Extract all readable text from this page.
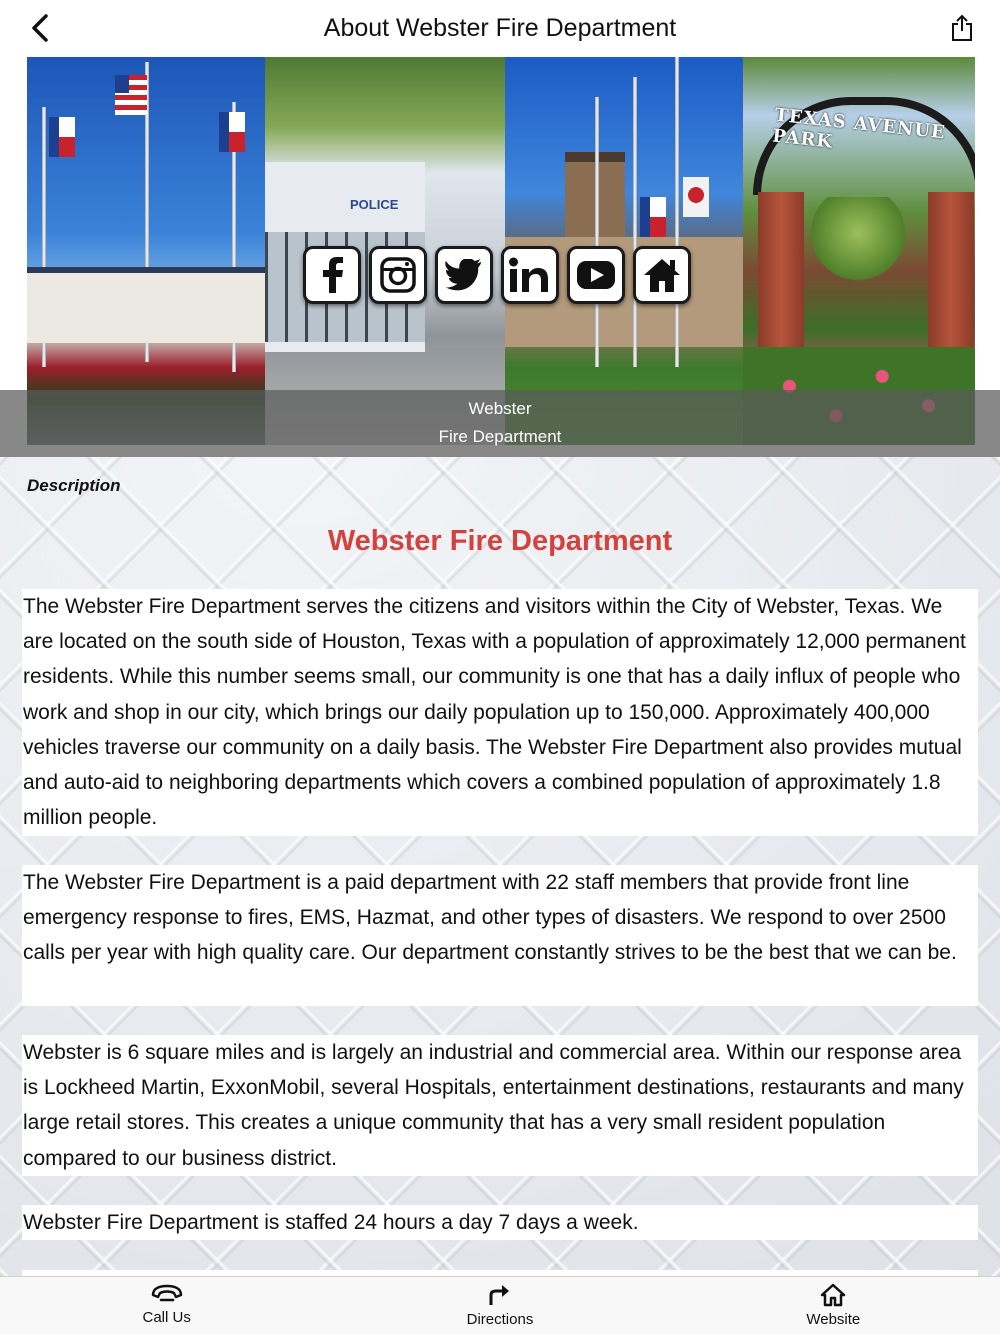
About Webster Fire Department
POLICE
TEXAS AVENUE PARK
Webster
Fire Department
Description
Webster Fire Department
The Webster Fire Department serves the citizens and visitors within the City of Webster, Texas. We are located on the south side of Houston, Texas with a population of approximately 12,000 permanent residents. While this number seems small, our community is one that has a daily influx of people who work and shop in our city, which brings our daily population up to 150,000. Approximately 400,000 vehicles traverse our community on a daily basis. The Webster Fire Department also provides mutual and auto-aid to neighboring departments which covers a combined population of approximately 1.8 million people.
The Webster Fire Department is a paid department with 22 staff members that provide front line emergency response to fires, EMS, Hazmat, and other types of disasters. We respond to over 2500 calls per year with high quality care. Our department constantly strives to be the best that we can be.
Webster is 6 square miles and is largely an industrial and commercial area. Within our response area is Lockheed Martin, ExxonMobil, several Hospitals, entertainment destinations, restaurants and many large retail stores. This creates a unique community that has a very small resident population compared to our business district.
Webster Fire Department is staffed 24 hours a day 7 days a week.
Call Us	Directions	Website
